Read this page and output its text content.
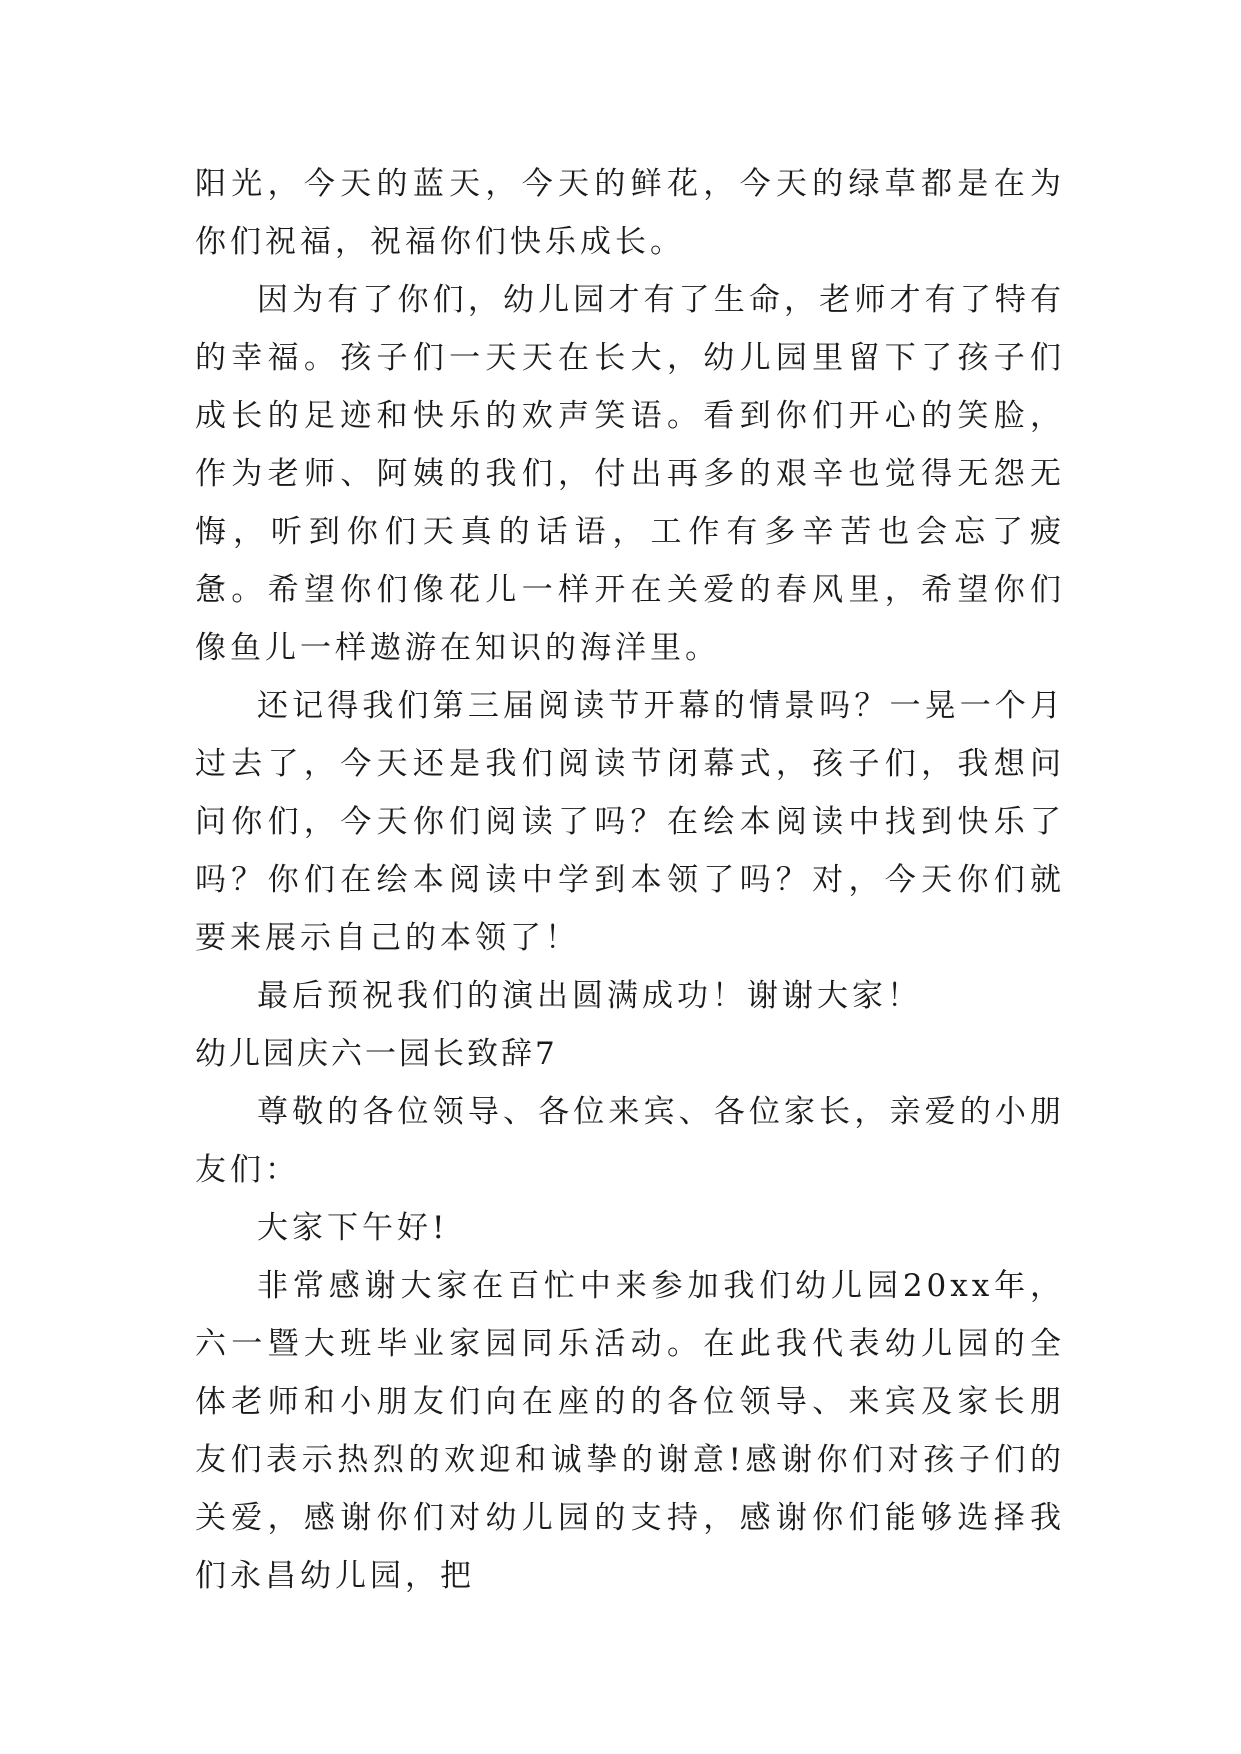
阳光，今天的蓝天，今天的鲜花，今天的绿草都是在为你们祝福，祝福你们快乐成长。

因为有了你们，幼儿园才有了生命，老师才有了特有的幸福。孩子们一天天在长大，幼儿园里留下了孩子们成长的足迹和快乐的欢声笑语。看到你们开心的笑脸，作为老师、阿姨的我们，付出再多的艰辛也觉得无怨无悔，听到你们天真的话语，工作有多辛苦也会忘了疲惫。希望你们像花儿一样开在关爱的春风里，希望你们像鱼儿一样遨游在知识的海洋里。

还记得我们第三届阅读节开幕的情景吗？一晃一个月过去了，今天还是我们阅读节闭幕式，孩子们，我想问问你们，今天你们阅读了吗？在绘本阅读中找到快乐了吗？你们在绘本阅读中学到本领了吗？对，今天你们就要来展示自己的本领了！

最后预祝我们的演出圆满成功！谢谢大家！

幼儿园庆六一园长致辞7

尊敬的各位领导、各位来宾、各位家长，亲爱的小朋友们：

大家下午好!

非常感谢大家在百忙中来参加我们幼儿园20xx年，六一暨大班毕业家园同乐活动。在此我代表幼儿园的全体老师和小朋友们向在座的的各位领导、来宾及家长朋友们表示热烈的欢迎和诚挚的谢意!感谢你们对孩子们的关爱，感谢你们对幼儿园的支持，感谢你们能够选择我们永昌幼儿园，把
